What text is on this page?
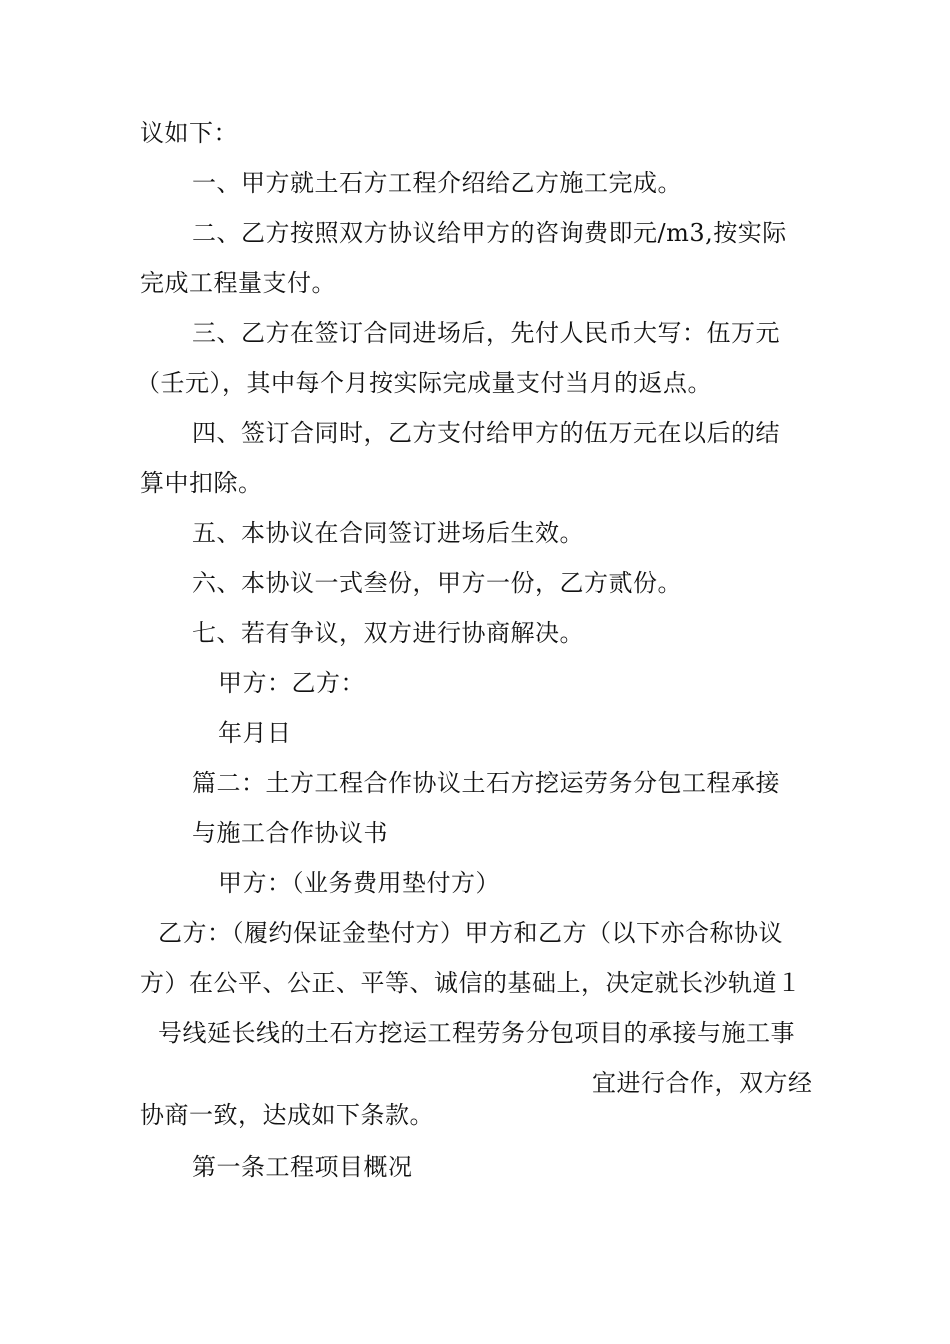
议如下：
一、甲方就土石方工程介绍给乙方施工完成。
二、乙方按照双方协议给甲方的咨询费即元/m3,按实际
完成工程量支付。
三、乙方在签订合同进场后，先付人民币大写：伍万元
（壬元），其中每个月按实际完成量支付当月的返点。
四、签订合同时，乙方支付给甲方的伍万元在以后的结
算中扣除。
五、本协议在合同签订进场后生效。
六、本协议一式叁份，甲方一份，乙方贰份。
七、若有争议，双方进行协商解决。
甲方：乙方：
年月日
篇二：土方工程合作协议土石方挖运劳务分包工程承接
与施工合作协议书
甲方：（业务费用垫付方）
乙方：（履约保证金垫付方）甲方和乙方（以下亦合称协议
方）在公平、公正、平等、诚信的基础上，决定就长沙轨道１
号线延长线的土石方挖运工程劳务分包项目的承接与施工事
宜进行合作，双方经
协商一致，达成如下条款。
第一条工程项目概况
